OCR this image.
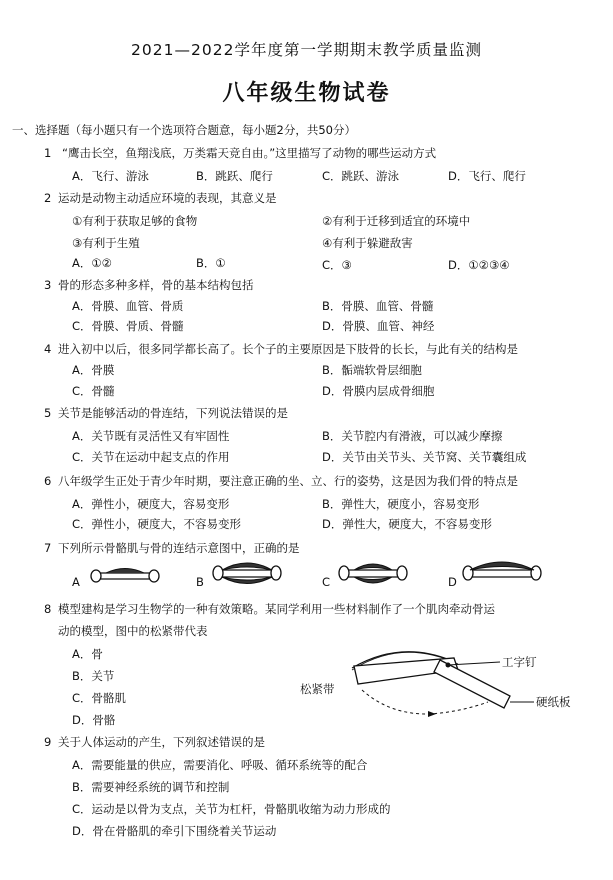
2021—2022学年度第一学期期末教学质量监测
八年级生物试卷
一、选择题（每小题只有一个选项符合题意，每小题2分，共50分）
1 “鹰击长空，鱼翔浅底，万类霜天竞自由。”这里描写了动物的哪些运动方式
A．飞行、游泳	B．跳跃、爬行	C．跳跃、游泳	D．飞行、爬行
2 运动是动物主动适应环境的表现，其意义是
①有利于获取足够的食物	②有利于迁移到适宜的环境中
③有利于生殖	④有利于躲避敌害
A．①②	B．①	C．③	D．①②③④
3 骨的形态多种多样，骨的基本结构包括
A．骨膜、血管、骨质	B．骨膜、血管、骨髓
C．骨膜、骨质、骨髓	D．骨膜、血管、神经
4 进入初中以后，很多同学都长高了。长个子的主要原因是下肢骨的长长，与此有关的结构是
A．骨膜	B．骺端软骨层细胞
C．骨髓	D．骨膜内层成骨细胞
5 关节是能够活动的骨连结，下列说法错误的是
A．关节既有灵活性又有牢固性	B．关节腔内有滑液，可以减少摩擦
C．关节在运动中起支点的作用	D．关节由关节头、关节窝、关节囊组成
6 八年级学生正处于青少年时期，要注意正确的坐、立、行的姿势，这是因为我们骨的特点是
A．弹性小，硬度大，容易变形	B．弹性大，硬度小，容易变形
C．弹性小，硬度大，不容易变形	D．弹性大，硬度大，不容易变形
7 下列所示骨骼肌与骨的连结示意图中，正确的是
A	B	C	D
8 模型建构是学习生物学的一种有效策略。某同学利用一些材料制作了一个肌肉牵动骨运
动的模型，图中的松紧带代表
A．骨
B．关节
C．骨骼肌
D．骨骼
工字钉
松紧带
硬纸板
9 关于人体运动的产生，下列叙述错误的是
A．需要能量的供应，需要消化、呼吸、循环系统等的配合
B．需要神经系统的调节和控制
C．运动是以骨为支点，关节为杠杆，骨骼肌收缩为动力形成的
D．骨在骨骼肌的牵引下围绕着关节运动
